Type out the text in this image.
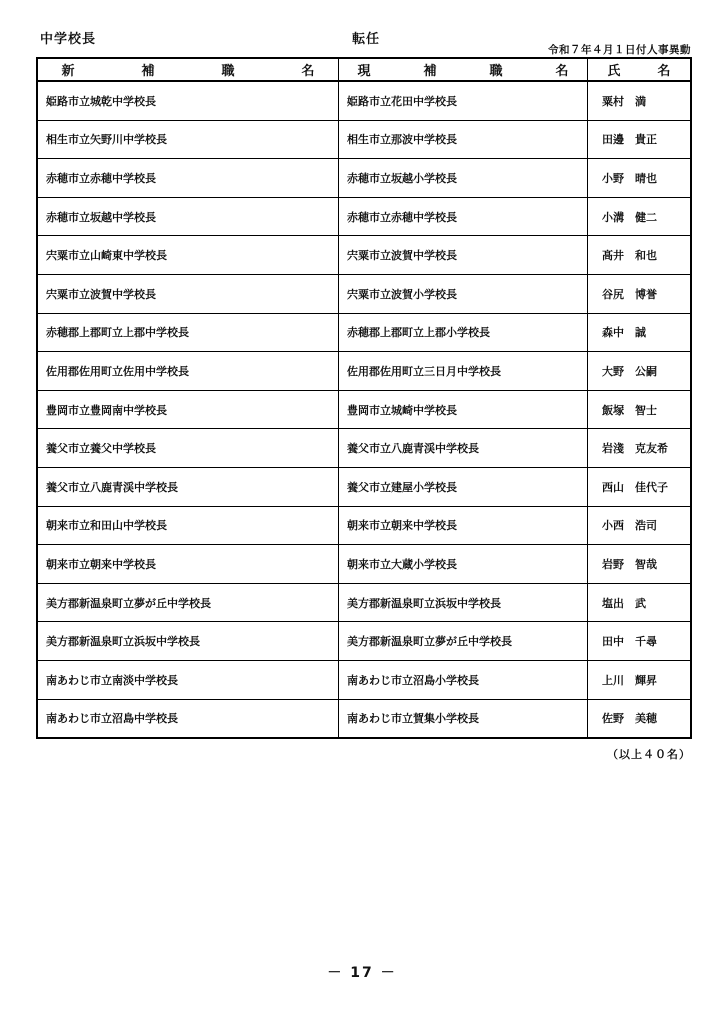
中学校長	転任
令和７年４月１日付人事異動
新	補	職	名	現	補	職	名	氏	名
姫路市立城乾中学校長	姫路市立花田中学校長	粟村　満
相生市立矢野川中学校長	相生市立那波中学校長	田邊　貴正
赤穂市立赤穂中学校長	赤穂市立坂越小学校長	小野　晴也
赤穂市立坂越中学校長	赤穂市立赤穂中学校長	小溝　健二
宍粟市立山崎東中学校長	宍粟市立波賀中学校長	髙井　和也
宍粟市立波賀中学校長	宍粟市立波賀小学校長	谷尻　博誉
赤穂郡上郡町立上郡中学校長	赤穂郡上郡町立上郡小学校長	森中　誠
佐用郡佐用町立佐用中学校長	佐用郡佐用町立三日月中学校長	大野　公嗣
豊岡市立豊岡南中学校長	豊岡市立城崎中学校長	飯塚　智士
養父市立養父中学校長	養父市立八鹿青渓中学校長	岩淺　克友希
養父市立八鹿青渓中学校長	養父市立建屋小学校長	西山　佳代子
朝来市立和田山中学校長	朝来市立朝来中学校長	小西　浩司
朝来市立朝来中学校長	朝来市立大蔵小学校長	岩野　智哉
美方郡新温泉町立夢が丘中学校長	美方郡新温泉町立浜坂中学校長	塩出　武
美方郡新温泉町立浜坂中学校長	美方郡新温泉町立夢が丘中学校長	田中　千尋
南あわじ市立南淡中学校長	南あわじ市立沼島小学校長	上川　輝昇
南あわじ市立沼島中学校長	南あわじ市立賀集小学校長	佐野　美穂
（以上４０名）
－ 17 －
